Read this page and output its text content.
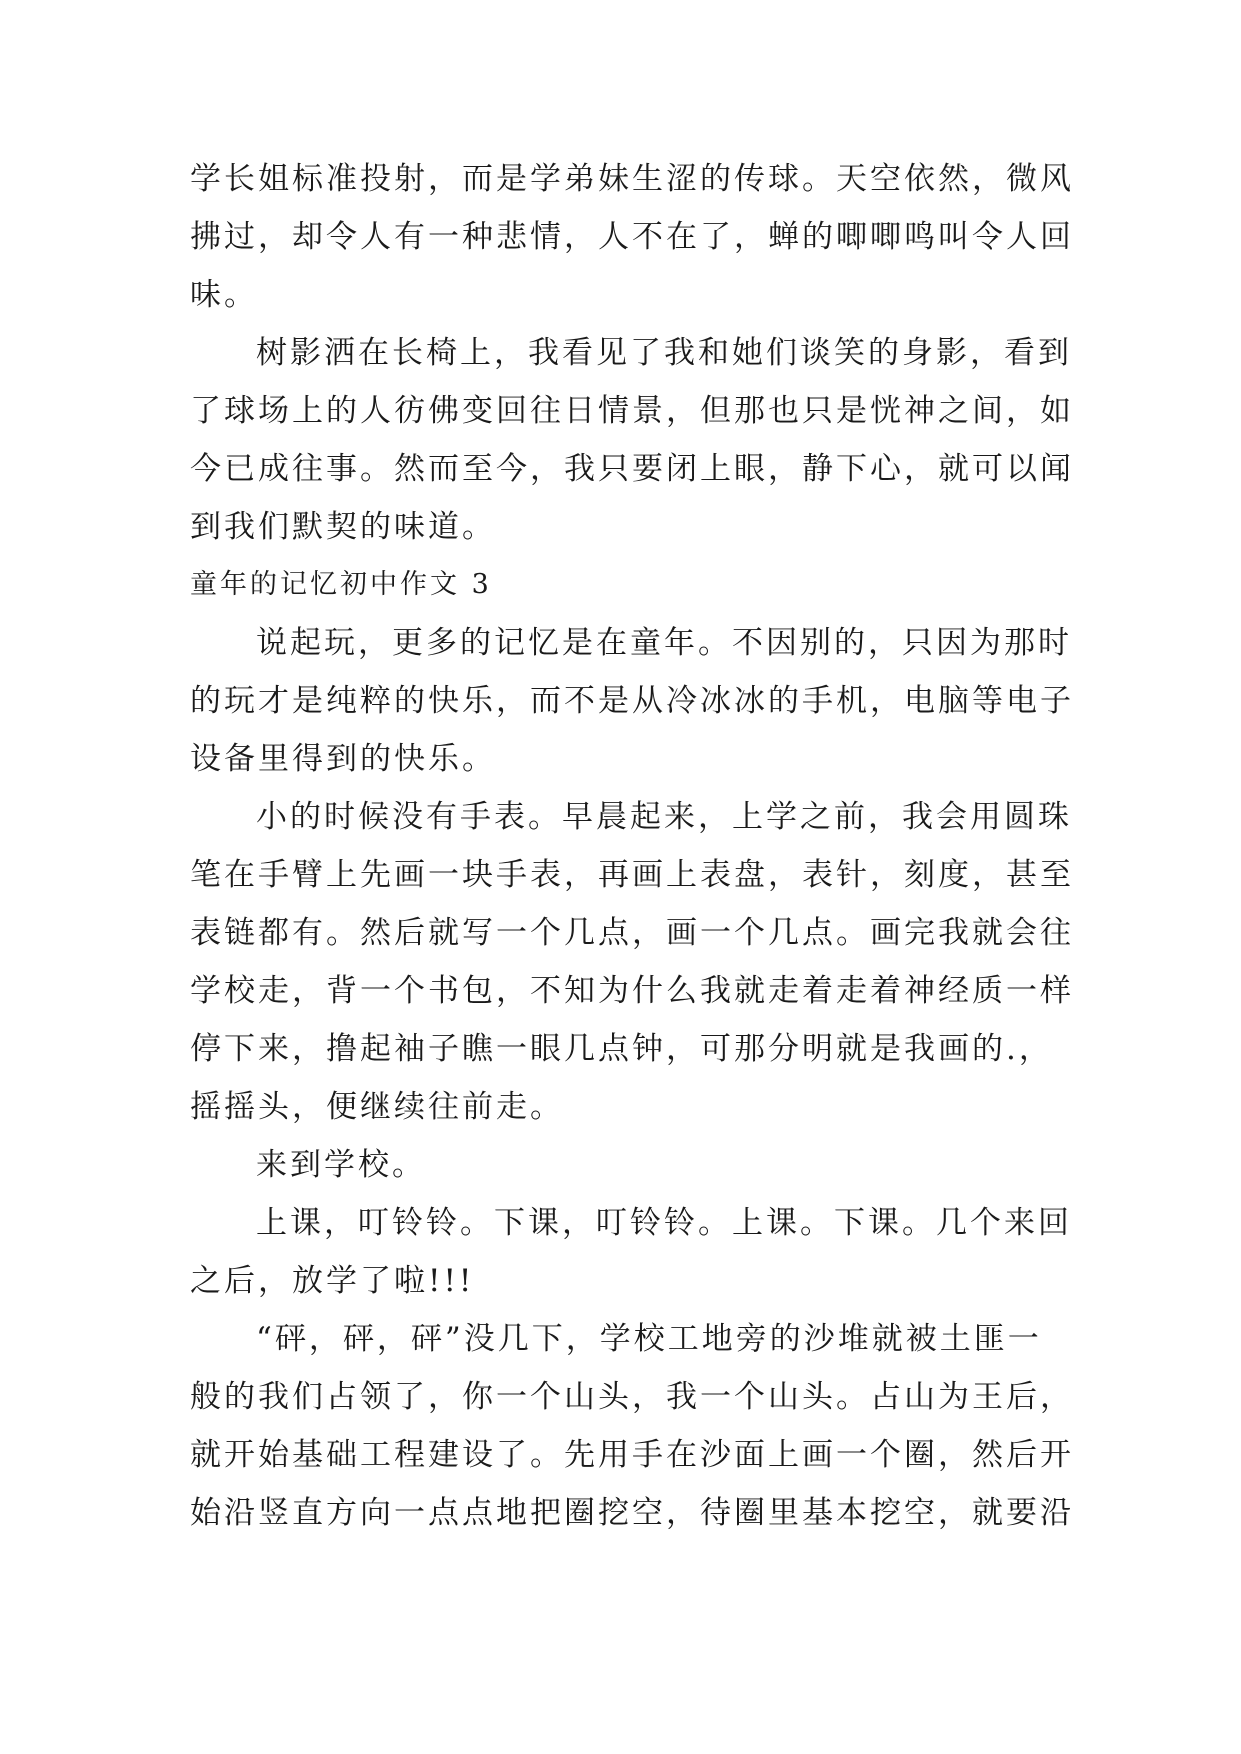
学长姐标准投射，而是学弟妹生涩的传球。天空依然，微风
拂过，却令人有一种悲情，人不在了，蝉的唧唧鸣叫令人回
味。
树影洒在长椅上，我看见了我和她们谈笑的身影，看到
了球场上的人彷佛变回往日情景，但那也只是恍神之间，如
今已成往事。然而至今，我只要闭上眼，静下心，就可以闻
到我们默契的味道。
童年的记忆初中作文 3
说起玩，更多的记忆是在童年。不因别的，只因为那时
的玩才是纯粹的快乐，而不是从冷冰冰的手机，电脑等电子
设备里得到的快乐。
小的时候没有手表。早晨起来，上学之前，我会用圆珠
笔在手臂上先画一块手表，再画上表盘，表针，刻度，甚至
表链都有。然后就写一个几点，画一个几点。画完我就会往
学校走，背一个书包，不知为什么我就走着走着神经质一样
停下来，撸起袖子瞧一眼几点钟，可那分明就是我画的.，
摇摇头，便继续往前走。
来到学校。
上课，叮铃铃。下课，叮铃铃。上课。下课。几个来回
之后，放学了啦!!!
“砰，砰，砰”没几下，学校工地旁的沙堆就被土匪一
般的我们占领了，你一个山头，我一个山头。占山为王后，
就开始基础工程建设了。先用手在沙面上画一个圈，然后开
始沿竖直方向一点点地把圈挖空，待圈里基本挖空，就要沿
